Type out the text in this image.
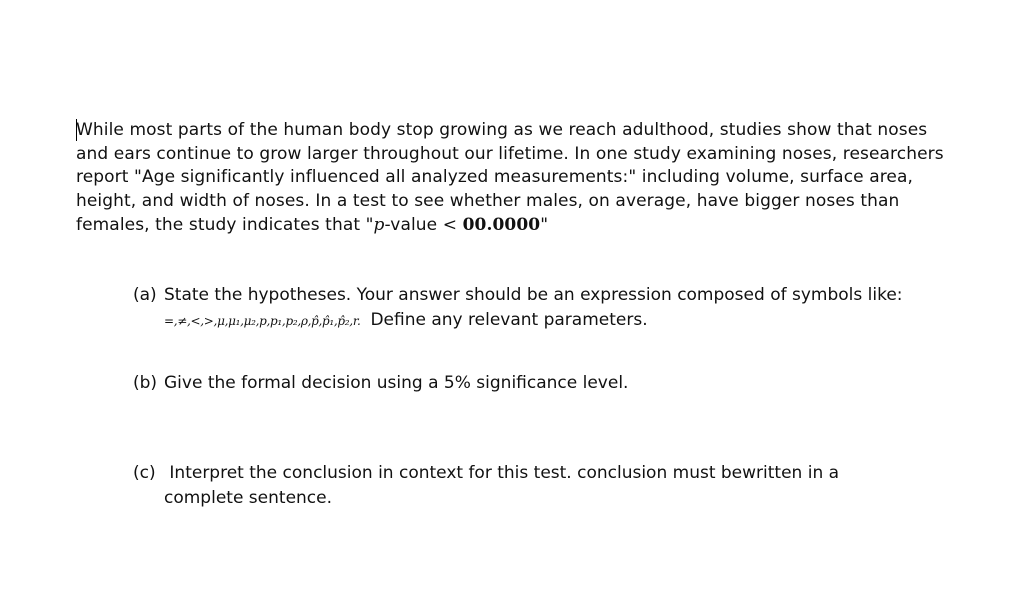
While most parts of the human body stop growing as we reach adulthood, studies show that noses and ears continue to grow larger throughout our lifetime. In one study examining noses, researchers report "Age significantly influenced all analyzed measurements:" including volume, surface area, height, and width of noses. In a test to see whether males, on average, have bigger noses than females, the study indicates that "p-value < 00.0000"

(a) State the hypotheses. Your answer should be an expression composed of symbols like:
=,≠,<,>,μ,μ₁,μ₂,p,p₁,p₂,ρ,p̂,p̂₁,p̂₂,r. Define any relevant parameters.
(b) Give the formal decision using a 5% significance level.
(c) Interpret the conclusion in context for this test. conclusion must bewritten in a
complete sentence.
